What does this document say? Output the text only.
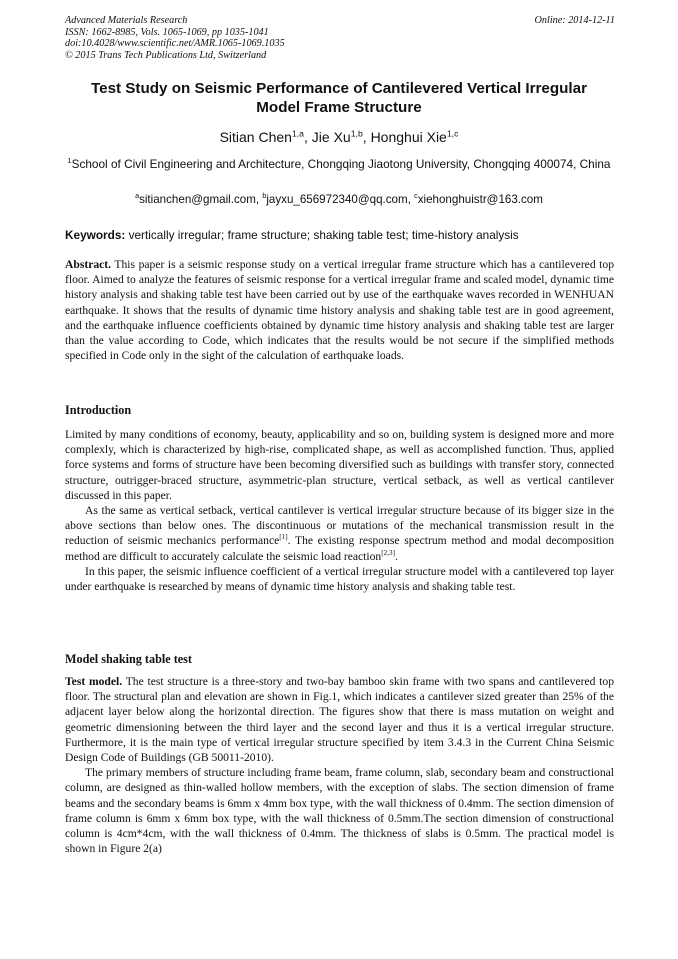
Advanced Materials Research
ISSN: 1662-8985, Vols. 1065-1069, pp 1035-1041
doi:10.4028/www.scientific.net/AMR.1065-1069.1035
© 2015 Trans Tech Publications Ltd, Switzerland
Online: 2014-12-11
Test Study on Seismic Performance of Cantilevered Vertical Irregular
Model Frame Structure
Sitian Chen$^{1,a}$, Jie Xu$^{1,b}$, Honghui Xie$^{1,c}$
$^1$School of Civil Engineering and Architecture, Chongqing Jiaotong University, Chongqing 400074, China
$^a$sitianchen@gmail.com, $^b$jayxu_656972340@qq.com, $^c$xiehonghuistr@163.com
Keywords: vertically irregular; frame structure; shaking table test; time-history analysis

Abstract. This paper is a seismic response study on a vertical irregular frame structure which has a cantilevered top floor. Aimed to analyze the features of seismic response for a vertical irregular frame and scaled model, dynamic time history analysis and shaking table test have been carried out by use of the earthquake waves recorded in WENHUAN earthquake. It shows that the results of dynamic time history analysis and shaking table test are in good agreement, and the earthquake influence coefficients obtained by dynamic time history analysis and shaking table test are larger than the value according to Code, which indicates that the results would be not secure if the simplified methods specified in Code only in the sight of the calculation of earthquake loads.

Introduction

Limited by many conditions of economy, beauty, applicability and so on, building system is designed more and more complexly, which is characterized by high-rise, complicated shape, as well as accomplished function. Thus, applied force systems and forms of structure have been becoming diversified such as buildings with transfer story, connected structure, outrigger-braced structure, asymmetric-plan structure, vertical setback, as well as vertical cantilever discussed in this paper.

As the same as vertical setback, vertical cantilever is vertical irregular structure because of its bigger size in the above sections than below ones. The discontinuous or mutations of the mechanical transmission result in the reduction of seismic mechanics performance[1]. The existing response spectrum method and modal decomposition method are difficult to accurately calculate the seismic load reaction[2,3].

In this paper, the seismic influence coefficient of a vertical irregular structure model with a cantilevered top layer under earthquake is researched by means of dynamic time history analysis and shaking table test.

Model shaking table test

Test model. The test structure is a three-story and two-bay bamboo skin frame with two spans and cantilevered top floor. The structural plan and elevation are shown in Fig.1, which indicates a cantilever sized greater than 25% of the adjacent layer below along the horizontal direction. The figures show that there is mass mutation on weight and geometric dimensioning between the third layer and the second layer and thus it is a vertical irregular structure. Furthermore, it is the main type of vertical irregular structure specified by item 3.4.3 in the Current China Seismic Design Code of Buildings (GB 50011-2010).

The primary members of structure including frame beam, frame column, slab, secondary beam and constructional column, are designed as thin-walled hollow members, with the exception of slabs. The section dimension of frame beams and the secondary beams is 6mm x 4mm box type, with the wall thickness of 0.4mm. The section dimension of frame column is 6mm x 6mm box type, with the wall thickness of 0.5mm.The section dimension of constructional column is 4cm*4cm, with the wall thickness of 0.4mm. The thickness of slabs is 0.5mm. The practical model is shown in Figure 2(a)
